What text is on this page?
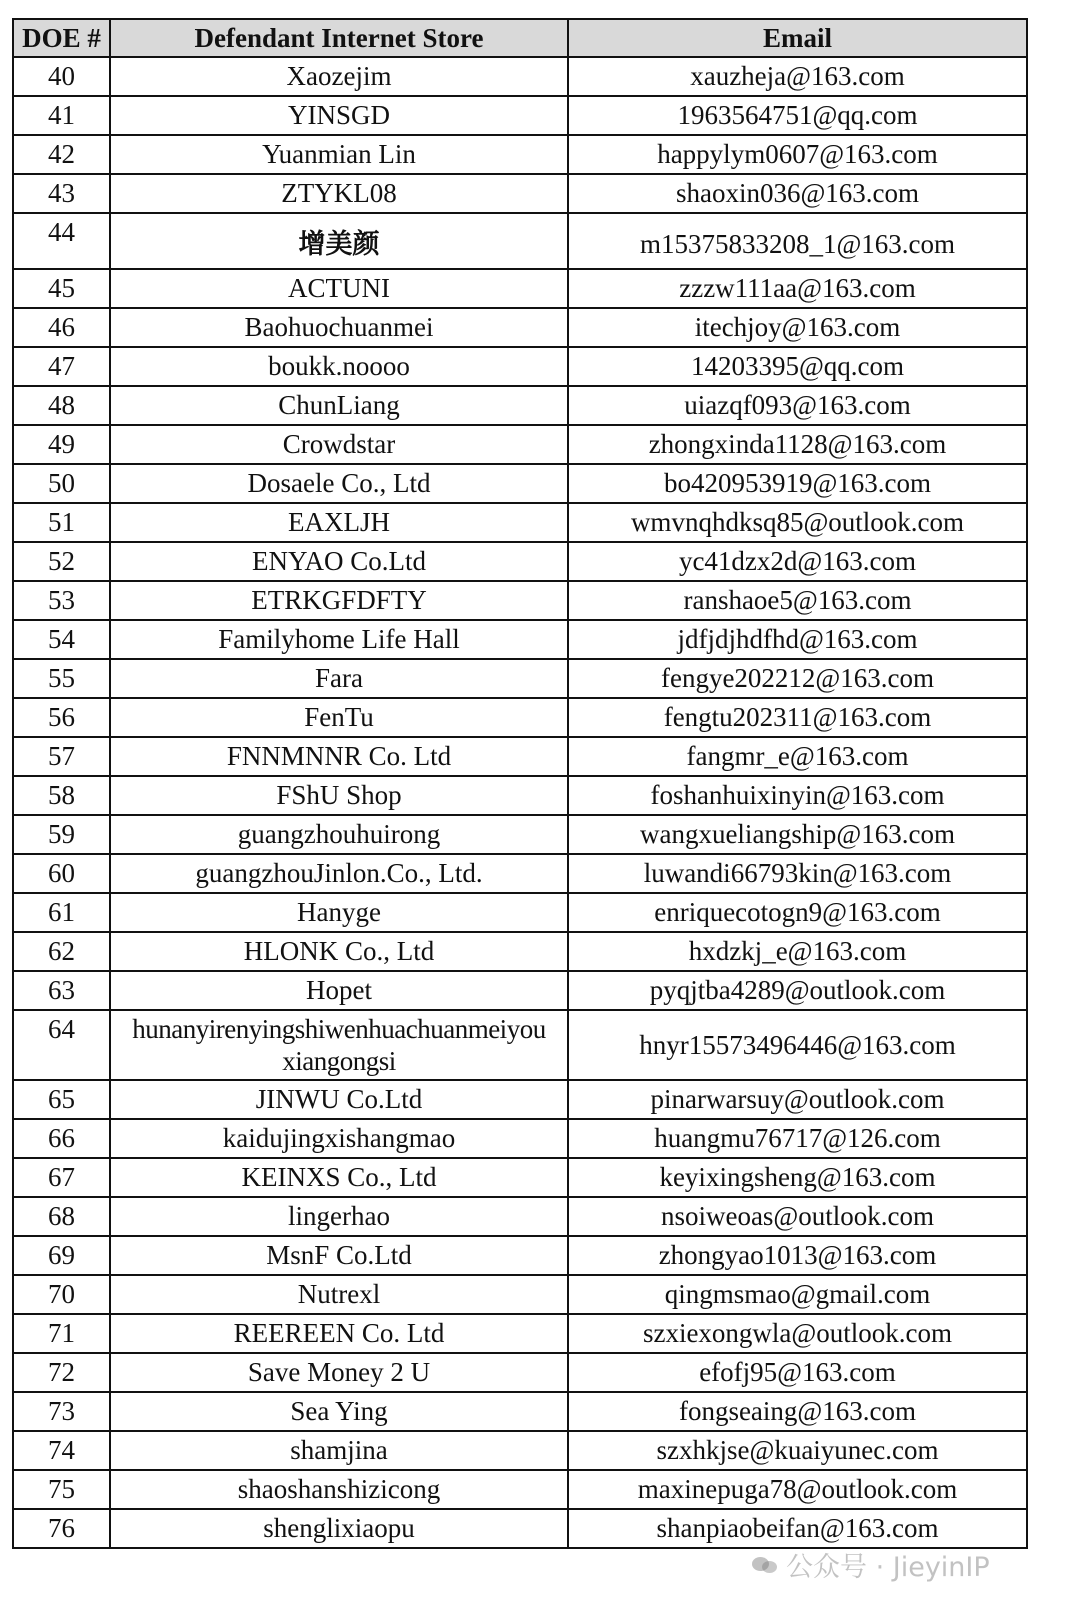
DOE #	Defendant Internet Store	Email
40	Xaozejim	xauzheja@163.com
41	YINSGD	1963564751@qq.com
42	Yuanmian Lin	happylym0607@163.com
43	ZTYKL08	shaoxin036@163.com
44	增美颜	m15375833208_1@163.com
45	ACTUNI	zzzw111aa@163.com
46	Baohuochuanmei	itechjoy@163.com
47	boukk.noooo	14203395@qq.com
48	ChunLiang	uiazqf093@163.com
49	Crowdstar	zhongxinda1128@163.com
50	Dosaele Co., Ltd	bo420953919@163.com
51	EAXLJH	wmvnqhdksq85@outlook.com
52	ENYAO Co.Ltd	yc41dzx2d@163.com
53	ETRKGFDFTY	ranshaoe5@163.com
54	Familyhome Life Hall	jdfjdjhdfhd@163.com
55	Fara	fengye202212@163.com
56	FenTu	fengtu202311@163.com
57	FNNMNNR Co. Ltd	fangmr_e@163.com
58	FShU Shop	foshanhuixinyin@163.com
59	guangzhouhuirong	wangxueliangship@163.com
60	guangzhouJinlon.Co., Ltd.	luwandi66793kin@163.com
61	Hanyge	enriquecotogn9@163.com
62	HLONK Co., Ltd	hxdzkj_e@163.com
63	Hopet	pyqjtba4289@outlook.com
64	hunanyirenyingshiwenhuachuanmeiyou
xiangongsi	hnyr15573496446@163.com
65	JINWU Co.Ltd	pinarwarsuy@outlook.com
66	kaidujingxishangmao	huangmu76717@126.com
67	KEINXS Co., Ltd	keyixingsheng@163.com
68	lingerhao	nsoiweoas@outlook.com
69	MsnF Co.Ltd	zhongyao1013@163.com
70	Nutrexl	qingmsmao@gmail.com
71	REEREEN Co. Ltd	szxiexongwla@outlook.com
72	Save Money 2 U	efofj95@163.com
73	Sea Ying	fongseaing@163.com
74	shamjina	szxhkjse@kuaiyunec.com
75	shaoshanshizicong	maxinepuga78@outlook.com
76	shenglixiaopu	shanpiaobeifan@163.com
公众号 · JieyinIP
